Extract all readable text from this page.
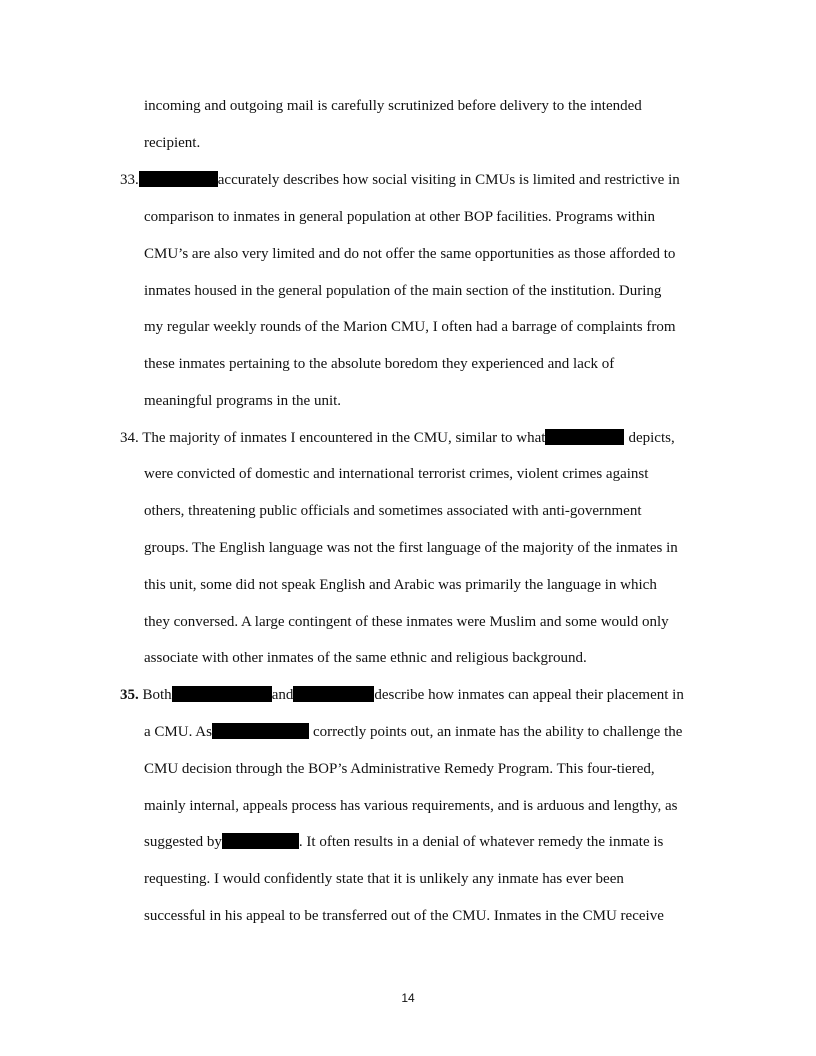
incoming and outgoing mail is carefully scrutinized before delivery to the intended
recipient.
33.	accurately describes how social visiting in CMUs is limited and restrictive in
comparison to inmates in general population at other BOP facilities. Programs within
CMU’s are also very limited and do not offer the same opportunities as those afforded to
inmates housed in the general population of the main section of the institution. During
my regular weekly rounds of the Marion CMU, I often had a barrage of complaints from
these inmates pertaining to the absolute boredom they experienced and lack of
meaningful programs in the unit.
34. The majority of inmates I encountered in the CMU, similar to what	depicts,
were convicted of domestic and international terrorist crimes, violent crimes against
others, threatening public officials and sometimes associated with anti-government
groups. The English language was not the first language of the majority of the inmates in
this unit, some did not speak English and Arabic was primarily the language in which
they conversed. A large contingent of these inmates were Muslim and some would only
associate with other inmates of the same ethnic and religious background.
35. Both	and	describe how inmates can appeal their placement in
a CMU. As	correctly points out, an inmate has the ability to challenge the
CMU decision through the BOP’s Administrative Remedy Program. This four-tiered,
mainly internal, appeals process has various requirements, and is arduous and lengthy, as
suggested by	. It often results in a denial of whatever remedy the inmate is
requesting. I would confidently state that it is unlikely any inmate has ever been
successful in his appeal to be transferred out of the CMU. Inmates in the CMU receive
14
